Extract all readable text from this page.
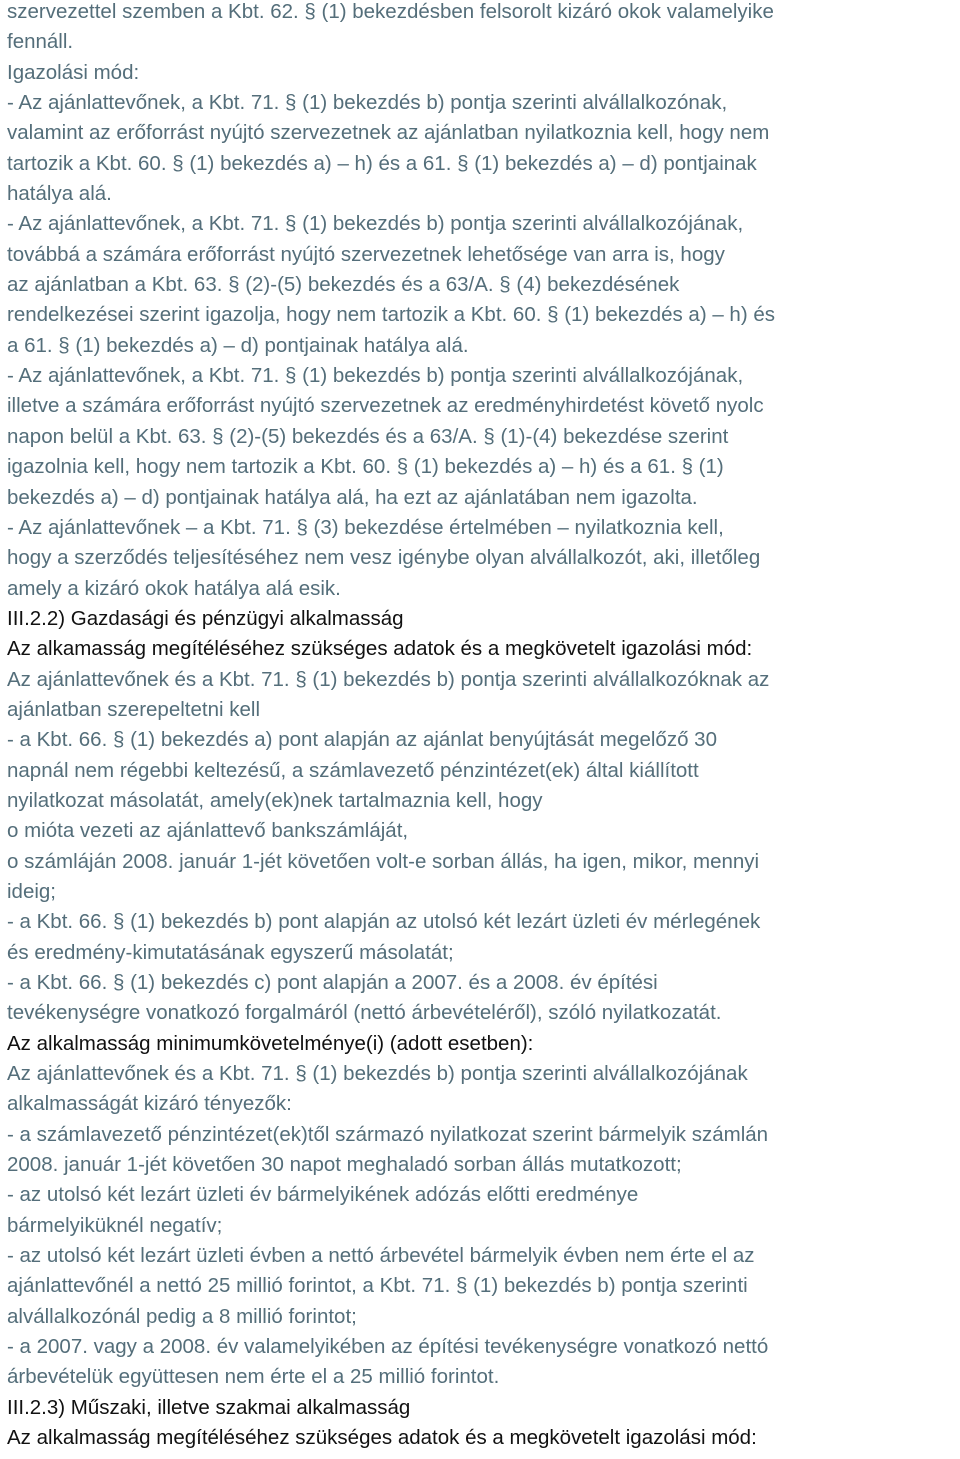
szervezettel szemben a Kbt. 62. § (1) bekezdésben felsorolt kizáró okok valamelyike
fennáll.
Igazolási mód:
- Az ajánlattevőnek, a Kbt. 71. § (1) bekezdés b) pontja szerinti alvállalkozónak,
valamint az erőforrást nyújtó szervezetnek az ajánlatban nyilatkoznia kell, hogy nem
tartozik a Kbt. 60. § (1) bekezdés a) – h) és a 61. § (1) bekezdés a) – d) pontjainak
hatálya alá.
- Az ajánlattevőnek, a Kbt. 71. § (1) bekezdés b) pontja szerinti alvállalkozójának,
továbbá a számára erőforrást nyújtó szervezetnek lehetősége van arra is, hogy
az ajánlatban a Kbt. 63. § (2)-(5) bekezdés és a 63/A. § (4) bekezdésének
rendelkezései szerint igazolja, hogy nem tartozik a Kbt. 60. § (1) bekezdés a) – h) és
a 61. § (1) bekezdés a) – d) pontjainak hatálya alá.
- Az ajánlattevőnek, a Kbt. 71. § (1) bekezdés b) pontja szerinti alvállalkozójának,
illetve a számára erőforrást nyújtó szervezetnek az eredményhirdetést követő nyolc
napon belül a Kbt. 63. § (2)-(5) bekezdés és a 63/A. § (1)-(4) bekezdése szerint
igazolnia kell, hogy nem tartozik a Kbt. 60. § (1) bekezdés a) – h) és a 61. § (1)
bekezdés a) – d) pontjainak hatálya alá, ha ezt az ajánlatában nem igazolta.
- Az ajánlattevőnek – a Kbt. 71. § (3) bekezdése értelmében – nyilatkoznia kell,
hogy a szerződés teljesítéséhez nem vesz igénybe olyan alvállalkozót, aki, illetőleg
amely a kizáró okok hatálya alá esik.
III.2.2) Gazdasági és pénzügyi alkalmasság
Az alkamasság megítéléséhez szükséges adatok és a megkövetelt igazolási mód:
Az ajánlattevőnek és a Kbt. 71. § (1) bekezdés b) pontja szerinti alvállalkozóknak az
ajánlatban szerepeltetni kell
- a Kbt. 66. § (1) bekezdés a) pont alapján az ajánlat benyújtását megelőző 30
napnál nem régebbi keltezésű, a számlavezető pénzintézet(ek) által kiállított
nyilatkozat másolatát, amely(ek)nek tartalmaznia kell, hogy
o mióta vezeti az ajánlattevő bankszámláját,
o számláján 2008. január 1-jét követően volt-e sorban állás, ha igen, mikor, mennyi
ideig;
- a Kbt. 66. § (1) bekezdés b) pont alapján az utolsó két lezárt üzleti év mérlegének
és eredmény-kimutatásának egyszerű másolatát;
- a Kbt. 66. § (1) bekezdés c) pont alapján a 2007. és a 2008. év építési
tevékenységre vonatkozó forgalmáról (nettó árbevételéről), szóló nyilatkozatát.
Az alkalmasság minimumkövetelménye(i) (adott esetben):
Az ajánlattevőnek és a Kbt. 71. § (1) bekezdés b) pontja szerinti alvállalkozójának
alkalmasságát kizáró tényezők:
- a számlavezető pénzintézet(ek)től származó nyilatkozat szerint bármelyik számlán
2008. január 1-jét követően 30 napot meghaladó sorban állás mutatkozott;
- az utolsó két lezárt üzleti év bármelyikének adózás előtti eredménye
bármelyiküknél negatív;
- az utolsó két lezárt üzleti évben a nettó árbevétel bármelyik évben nem érte el az
ajánlattevőnél a nettó 25 millió forintot, a Kbt. 71. § (1) bekezdés b) pontja szerinti
alvállalkozónál pedig a 8 millió forintot;
- a 2007. vagy a 2008. év valamelyikében az építési tevékenységre vonatkozó nettó
árbevételük együttesen nem érte el a 25 millió forintot.
III.2.3) Műszaki, illetve szakmai alkalmasság
Az alkalmasság megítéléséhez szükséges adatok és a megkövetelt igazolási mód:
